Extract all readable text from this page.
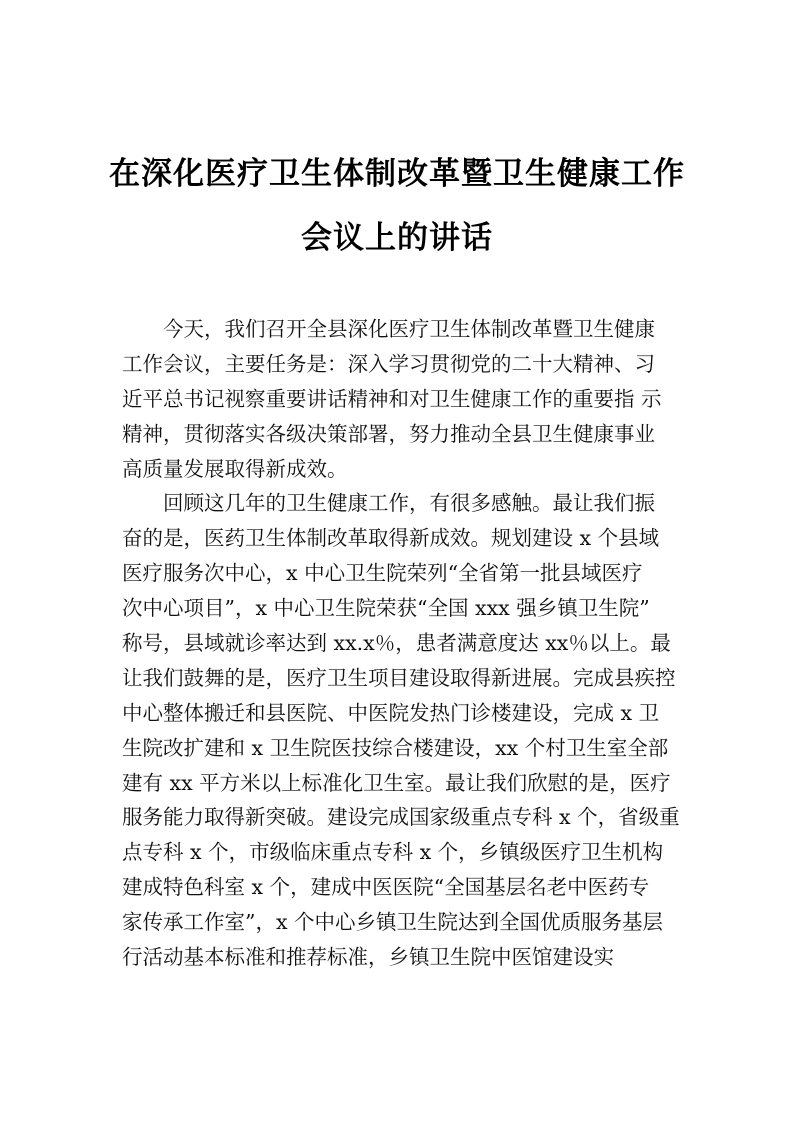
在深化医疗卫生体制改革暨卫生健康工作
会议上的讲话
今天，我们召开全县深化医疗卫生体制改革暨卫生健康
工作会议，主要任务是：深入学习贯彻党的二十大精神、习
近平总书记视察重要讲话精神和对卫生健康工作的重要指 示
精神，贯彻落实各级决策部署，努力推动全县卫生健康事业
高质量发展取得新成效。
回顾这几年的卫生健康工作，有很多感触。最让我们振
奋的是，医药卫生体制改革取得新成效。规划建设 x 个县域
医疗服务次中心，x 中心卫生院荣列“全省第一批县域医疗
次中心项目”，x 中心卫生院荣获“全国 xxx 强乡镇卫生院”
称号，县域就诊率达到 xx.x％，患者满意度达 xx％以上。最
让我们鼓舞的是，医疗卫生项目建设取得新进展。完成县疾控
中心整体搬迁和县医院、中医院发热门诊楼建设，完成 x 卫
生院改扩建和 x 卫生院医技综合楼建设，xx 个村卫生室全部
建有 xx 平方米以上标准化卫生室。最让我们欣慰的是，医疗
服务能力取得新突破。建设完成国家级重点专科 x 个，省级重
点专科 x 个，市级临床重点专科 x 个，乡镇级医疗卫生机构
建成特色科室 x 个，建成中医医院“全国基层名老中医药专
家传承工作室”，x 个中心乡镇卫生院达到全国优质服务基层
行活动基本标准和推荐标准，乡镇卫生院中医馆建设实
